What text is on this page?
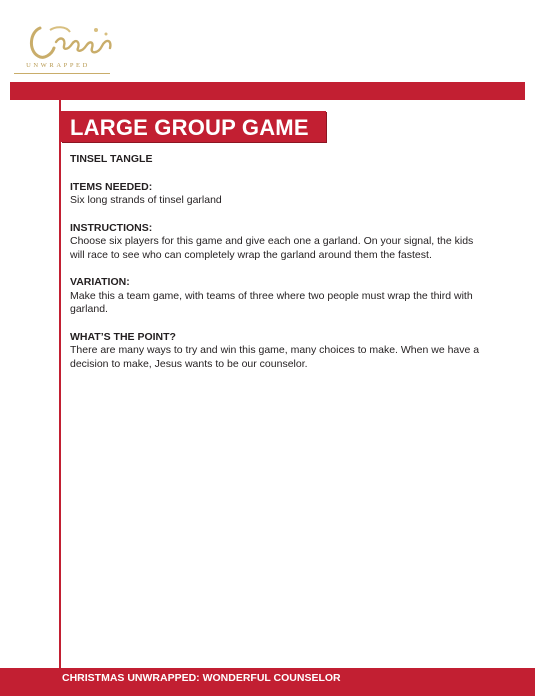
UNWRAPPED
LARGE GROUP GAME
TINSEL TANGLE
ITEMS NEEDED:
Six long strands of tinsel garland
INSTRUCTIONS:
Choose six players for this game and give each one a garland. On your signal, the kids will race to see who can completely wrap the garland around them the fastest.
VARIATION:
Make this a team game, with teams of three where two people must wrap the third with garland.
WHAT’S THE POINT?
There are many ways to try and win this game, many choices to make. When we have a decision to make, Jesus wants to be our counselor.
CHRISTMAS UNWRAPPED: WONDERFUL COUNSELOR
